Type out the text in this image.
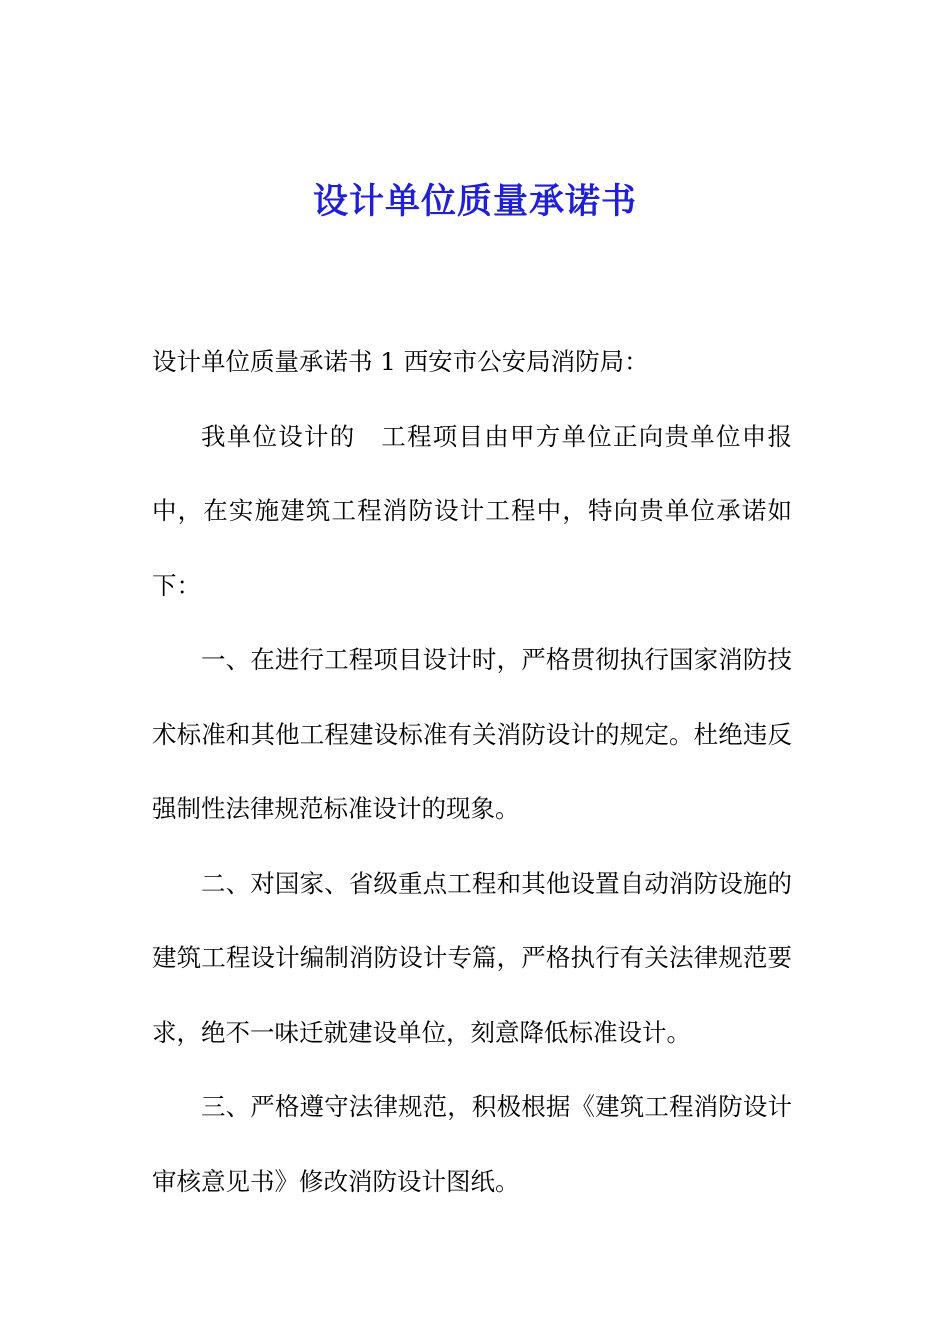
设计单位质量承诺书

设计单位质量承诺书 1 西安市公安局消防局：

我单位设计的　工程项目由甲方单位正向贵单位申报中，在实施建筑工程消防设计工程中，特向贵单位承诺如下：

一、在进行工程项目设计时，严格贯彻执行国家消防技术标准和其他工程建设标准有关消防设计的规定。杜绝违反强制性法律规范标准设计的现象。

二、对国家、省级重点工程和其他设置自动消防设施的建筑工程设计编制消防设计专篇，严格执行有关法律规范要求，绝不一味迁就建设单位，刻意降低标准设计。

三、严格遵守法律规范，积极根据《建筑工程消防设计审核意见书》修改消防设计图纸。
